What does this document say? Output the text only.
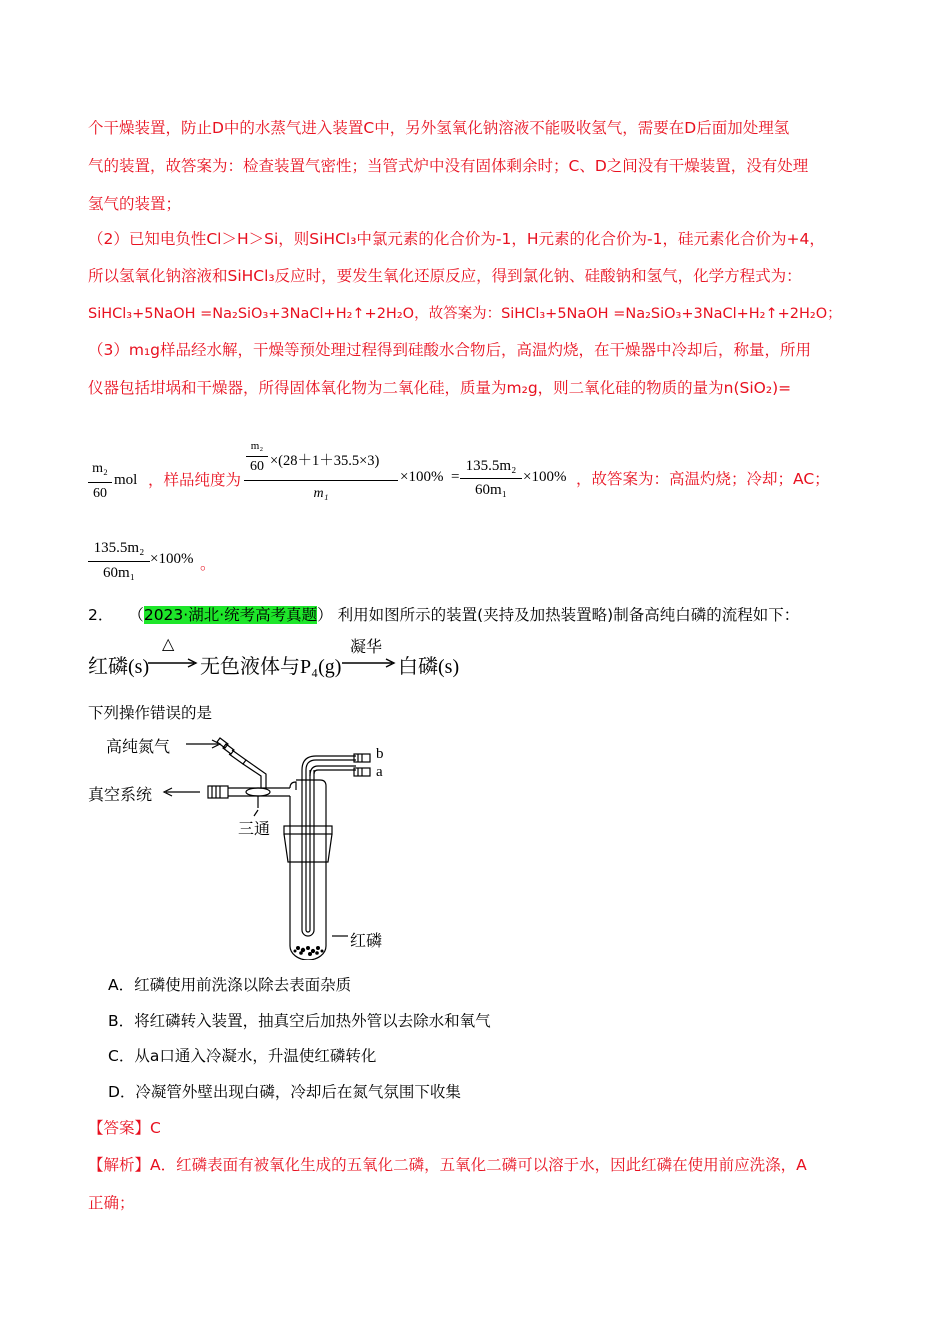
个干燥装置，防止D中的水蒸气进入装置C中，另外氢氧化钠溶液不能吸收氢气，需要在D后面加处理氢
气的装置，故答案为：检查装置气密性；当管式炉中没有固体剩余时；C、D之间没有干燥装置，没有处理
氢气的装置；
（2）已知电负性Cl＞H＞Si，则SiHCl₃中氯元素的化合价为-1，H元素的化合价为-1，硅元素化合价为+4，
所以氢氧化钠溶液和SiHCl₃反应时，要发生氧化还原反应，得到氯化钠、硅酸钠和氢气，化学方程式为：
SiHCl₃+5NaOH =Na₂SiO₃+3NaCl+H₂↑+2H₂O，故答案为：SiHCl₃+5NaOH =Na₂SiO₃+3NaCl+H₂↑+2H₂O；
（3）m₁g样品经水解，干燥等预处理过程得到硅酸水合物后，高温灼烧，在干燥器中冷却后，称量，所用
仪器包括坩埚和干燥器，所得固体氧化物为二氧化硅，质量为m₂g，则二氧化硅的物质的量为n(SiO₂)=
m₂
60
mol ，样品纯度为
m₂
60 ×(28＋1＋35.5×3)
m₁
×100% =
135.5m₂
60m₁
×100% ，故答案为：高温灼烧；冷却；AC；
135.5m₂
60m₁
×100% 。
2． （2023·湖北·统考高考真题） 利用如图所示的装置(夹持及加热装置略)制备高纯白磷的流程如下：
红磷(s)
△
无色液体与P₄(g)
凝华
白磷(s)
下列操作错误的是
高纯氮气
真空系统
b
a
三通
红磷
A．红磷使用前洗涤以除去表面杂质
B．将红磷转入装置，抽真空后加热外管以去除水和氧气
C．从a口通入冷凝水，升温使红磷转化
D．冷凝管外壁出现白磷，冷却后在氮气氛围下收集
【答案】C
【解析】A．红磷表面有被氧化生成的五氧化二磷，五氧化二磷可以溶于水，因此红磷在使用前应洗涤，A
正确；
